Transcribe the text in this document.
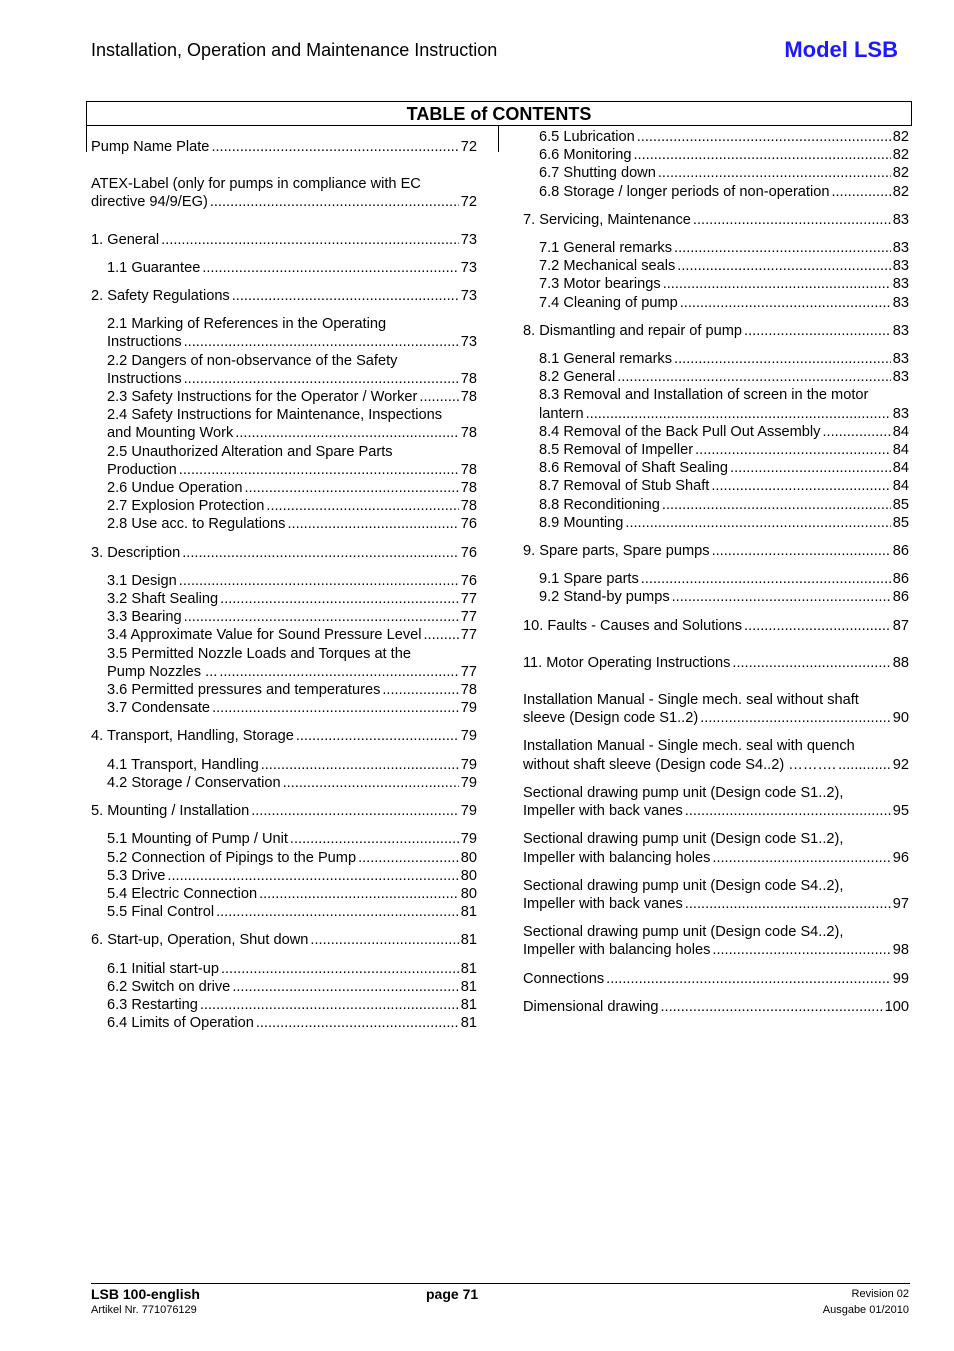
Installation, Operation and Maintenance Instruction	Model LSB
TABLE of CONTENTS
Pump Name Plate .....	72
ATEX-Label (only for pumps in compliance with EC
directive 94/9/EG) .....	72
1. General .....	73
1.1 Guarantee .....	73
2. Safety Regulations .....	73
2.1 Marking of References in the Operating
Instructions .....	73
2.2 Dangers of non-observance of the Safety
Instructions .....	78
2.3 Safety Instructions for the Operator / Worker .....	78
2.4 Safety Instructions for Maintenance, Inspections
and Mounting Work .....	78
2.5 Unauthorized Alteration and Spare Parts
Production .....	78
2.6 Undue Operation .....	78
2.7 Explosion Protection .....	78
2.8 Use acc. to Regulations .....	76
3. Description .....	76
3.1 Design .....	76
3.2 Shaft Sealing .....	77
3.3 Bearing .....	77
3.4 Approximate Value for Sound Pressure Level .....	77
3.5 Permitted Nozzle Loads and Torques at the
Pump Nozzles ... .....	77
3.6 Permitted pressures and temperatures .....	78
3.7 Condensate .....	79
4. Transport, Handling, Storage .....	79
4.1 Transport, Handling .....	79
4.2 Storage / Conservation .....	79
5. Mounting / Installation .....	79
5.1 Mounting of Pump / Unit .....	79
5.2 Connection of Pipings to the Pump .....	80
5.3 Drive .....	80
5.4 Electric Connection .....	80
5.5 Final Control .....	81
6. Start-up, Operation, Shut down .....	81
6.1 Initial start-up .....	81
6.2 Switch on drive .....	81
6.3 Restarting .....	81
6.4 Limits of Operation .....	81
6.5 Lubrication .....	82
6.6 Monitoring .....	82
6.7 Shutting down .....	82
6.8 Storage / longer periods of non-operation .....	82
7. Servicing, Maintenance .....	83
7.1 General remarks .....	83
7.2 Mechanical seals .....	83
7.3 Motor bearings .....	83
7.4 Cleaning of pump .....	83
8. Dismantling and repair of pump .....	83
8.1 General remarks .....	83
8.2 General .....	83
8.3 Removal and Installation of screen in the motor
lantern .....	83
8.4 Removal of the Back Pull Out Assembly .....	84
8.5 Removal of Impeller .....	84
8.6 Removal of Shaft Sealing .....	84
8.7 Removal of Stub Shaft .....	84
8.8 Reconditioning .....	85
8.9 Mounting .....	85
9. Spare parts, Spare pumps .....	86
9.1 Spare parts .....	86
9.2 Stand-by pumps .....	86
10. Faults - Causes and Solutions .....	87
11. Motor Operating Instructions .....	88
Installation Manual - Single mech. seal without shaft
sleeve (Design code S1..2) .....	90
Installation Manual - Single mech. seal with quench
without shaft sleeve (Design code S4..2) ………. .....	92
Sectional drawing pump unit (Design code S1..2),
Impeller with back vanes .....	95
Sectional drawing pump unit (Design code S1..2),
Impeller with balancing holes .....	96
Sectional drawing pump unit (Design code S4..2),
Impeller with back vanes .....	97
Sectional drawing pump unit (Design code S4..2),
Impeller with balancing holes .....	98
Connections .....	99
Dimensional drawing .....	100
LSB 100-english
Artikel Nr. 771076129
page 71	Revision 02
Ausgabe 01/2010
